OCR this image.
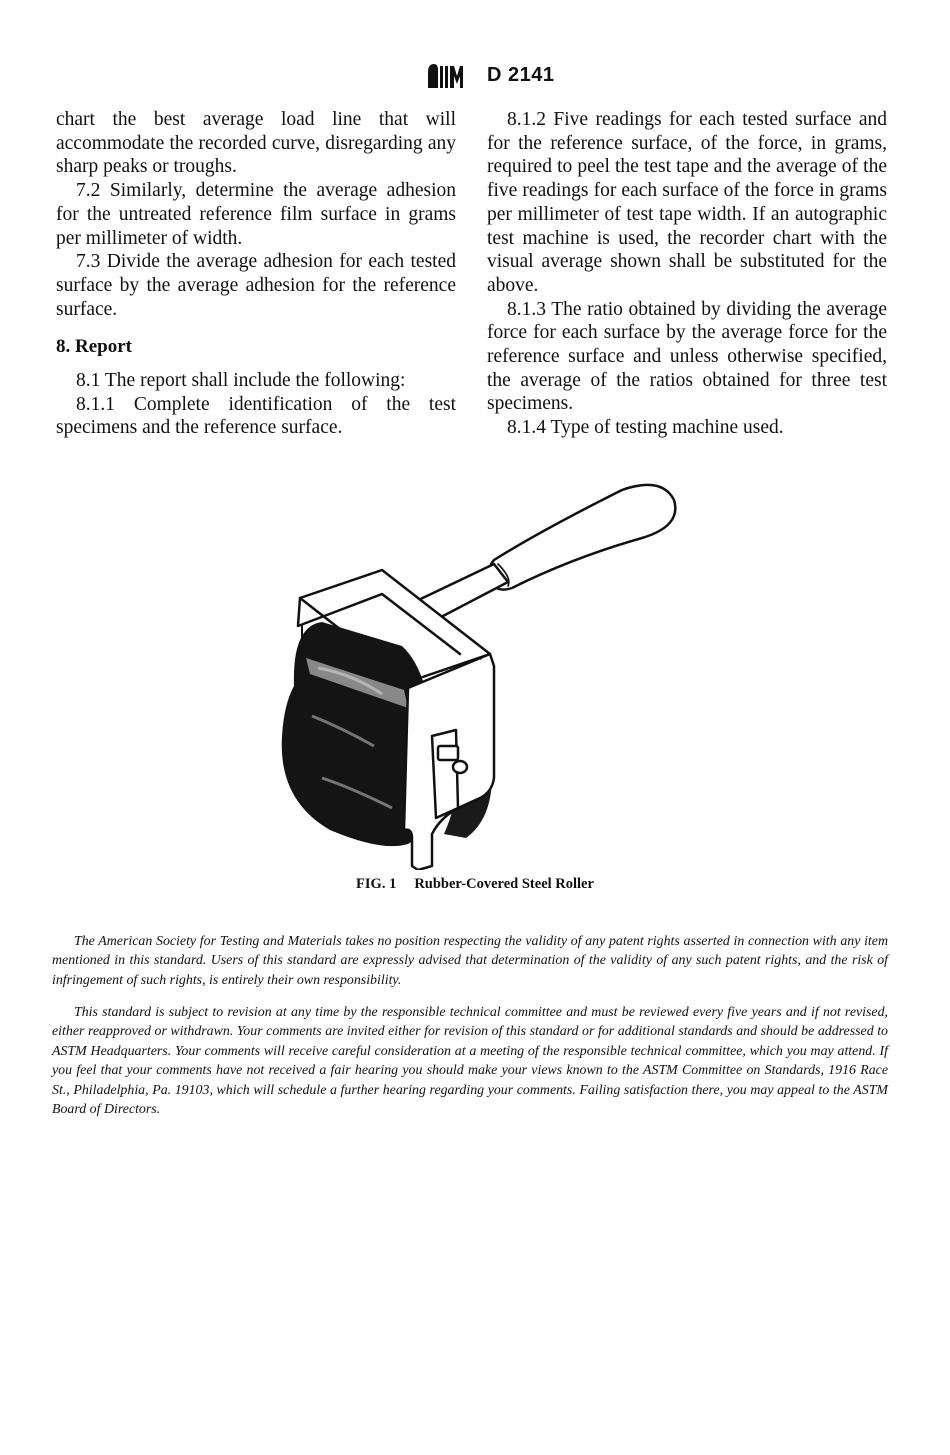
D 2141

chart the best average load line that will accommodate the recorded curve, disregarding any sharp peaks or troughs.

7.2 Similarly, determine the average adhesion for the untreated reference film surface in grams per millimeter of width.

7.3 Divide the average adhesion for each tested surface by the average adhesion for the reference surface.

8. Report

8.1 The report shall include the following:

8.1.1 Complete identification of the test specimens and the reference surface.

8.1.2 Five readings for each tested surface and for the reference surface, of the force, in grams, required to peel the test tape and the average of the five readings for each surface of the force in grams per millimeter of test tape width. If an autographic test machine is used, the recorder chart with the visual average shown shall be substituted for the above.

8.1.3 The ratio obtained by dividing the average force for each surface by the average force for the reference surface and unless otherwise specified, the average of the ratios obtained for three test specimens.

8.1.4 Type of testing machine used.

FIG. 1 Rubber-Covered Steel Roller

The American Society for Testing and Materials takes no position respecting the validity of any patent rights asserted in connection with any item mentioned in this standard. Users of this standard are expressly advised that determination of the validity of any such patent rights, and the risk of infringement of such rights, is entirely their own responsibility.

This standard is subject to revision at any time by the responsible technical committee and must be reviewed every five years and if not revised, either reapproved or withdrawn. Your comments are invited either for revision of this standard or for additional standards and should be addressed to ASTM Headquarters. Your comments will receive careful consideration at a meeting of the responsible technical committee, which you may attend. If you feel that your comments have not received a fair hearing you should make your views known to the ASTM Committee on Standards, 1916 Race St., Philadelphia, Pa. 19103, which will schedule a further hearing regarding your comments. Failing satisfaction there, you may appeal to the ASTM Board of Directors.
